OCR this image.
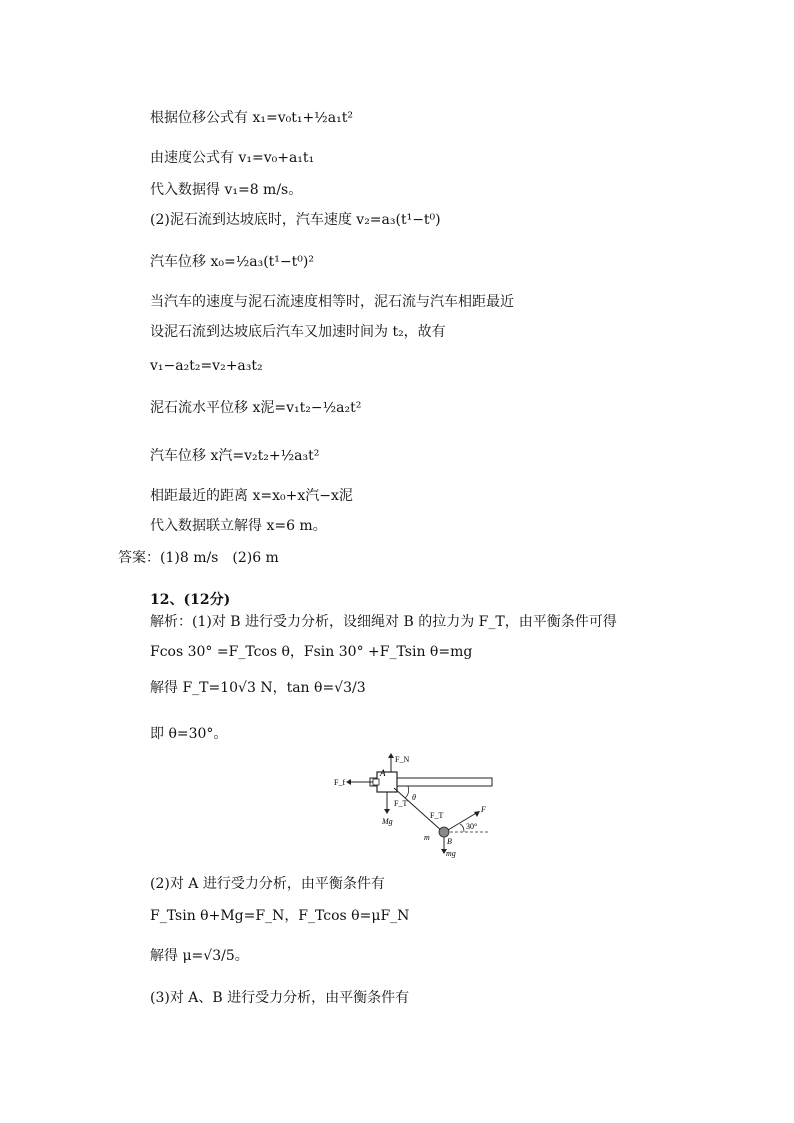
根据位移公式有 x₁=v₀t₁+½a₁t²
由速度公式有 v₁=v₀+a₁t₁
代入数据得 v₁=8 m/s。
(2)泥石流到达坡底时，汽车速度 v₂=a₃(t¹−t⁰)
汽车位移 x₀=½a₃(t¹−t⁰)²
当汽车的速度与泥石流速度相等时，泥石流与汽车相距最近
设泥石流到达坡底后汽车又加速时间为 t₂，故有
v₁−a₂t₂=v₂+a₃t₂
泥石流水平位移 x泥=v₁t₂−½a₂t²
汽车位移 x汽=v₂t₂+½a₃t²
相距最近的距离 x=x₀+x汽−x泥
代入数据联立解得 x=6 m。
答案：(1)8 m/s　(2)6 m
12、(12分)
解析：(1)对 B 进行受力分析，设细绳对 B 的拉力为 F_T，由平衡条件可得
Fcos 30° =F_Tcos θ，Fsin 30° +F_Tsin θ=mg
解得 F_T=10√3 N，tan θ=√3/3
即 θ=30°。
F_N
F_f
A
Mg
F_T
θ
F_T
F
30°
mg
m B
(2)对 A 进行受力分析，由平衡条件有
F_Tsin θ+Mg=F_N，F_Tcos θ=μF_N
解得 μ=√3/5。
(3)对 A、B 进行受力分析，由平衡条件有
